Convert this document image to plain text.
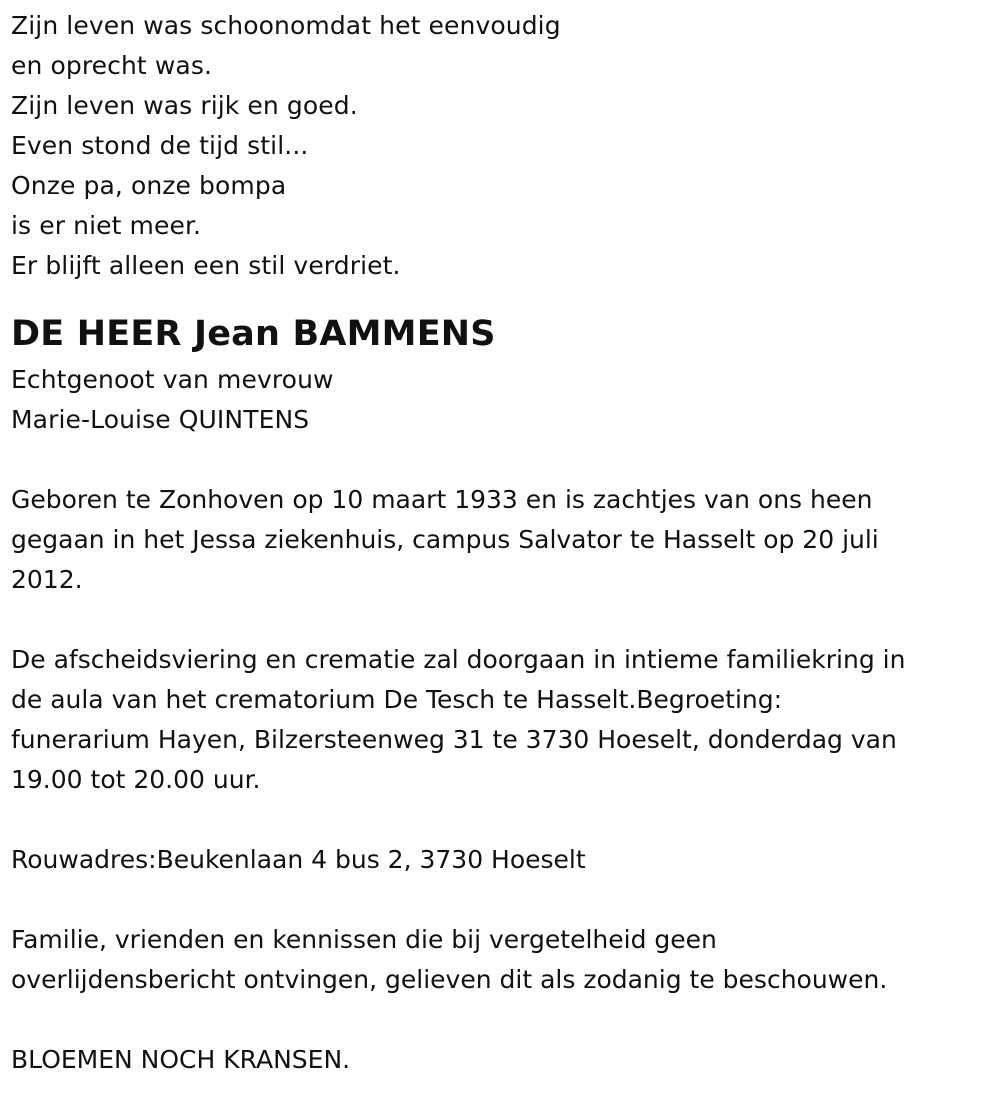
Zijn leven was schoonomdat het eenvoudig
en oprecht was.
Zijn leven was rijk en goed.
Even stond de tijd stil...
Onze pa, onze bompa
is er niet meer.
Er blijft alleen een stil verdriet.
DE HEER Jean BAMMENS
Echtgenoot van mevrouw
Marie-Louise QUINTENS
Geboren te Zonhoven op 10 maart 1933 en is zachtjes van ons heen
gegaan in het Jessa ziekenhuis, campus Salvator te Hasselt op 20 juli
2012.
De afscheidsviering en crematie zal doorgaan in intieme familiekring in
de aula van het crematorium De Tesch te Hasselt.Begroeting:
funerarium Hayen, Bilzersteenweg 31 te 3730 Hoeselt, donderdag van
19.00 tot 20.00 uur.
Rouwadres:Beukenlaan 4 bus 2, 3730 Hoeselt
Familie, vrienden en kennissen die bij vergetelheid geen
overlijdensbericht ontvingen, gelieven dit als zodanig te beschouwen.
BLOEMEN NOCH KRANSEN.
